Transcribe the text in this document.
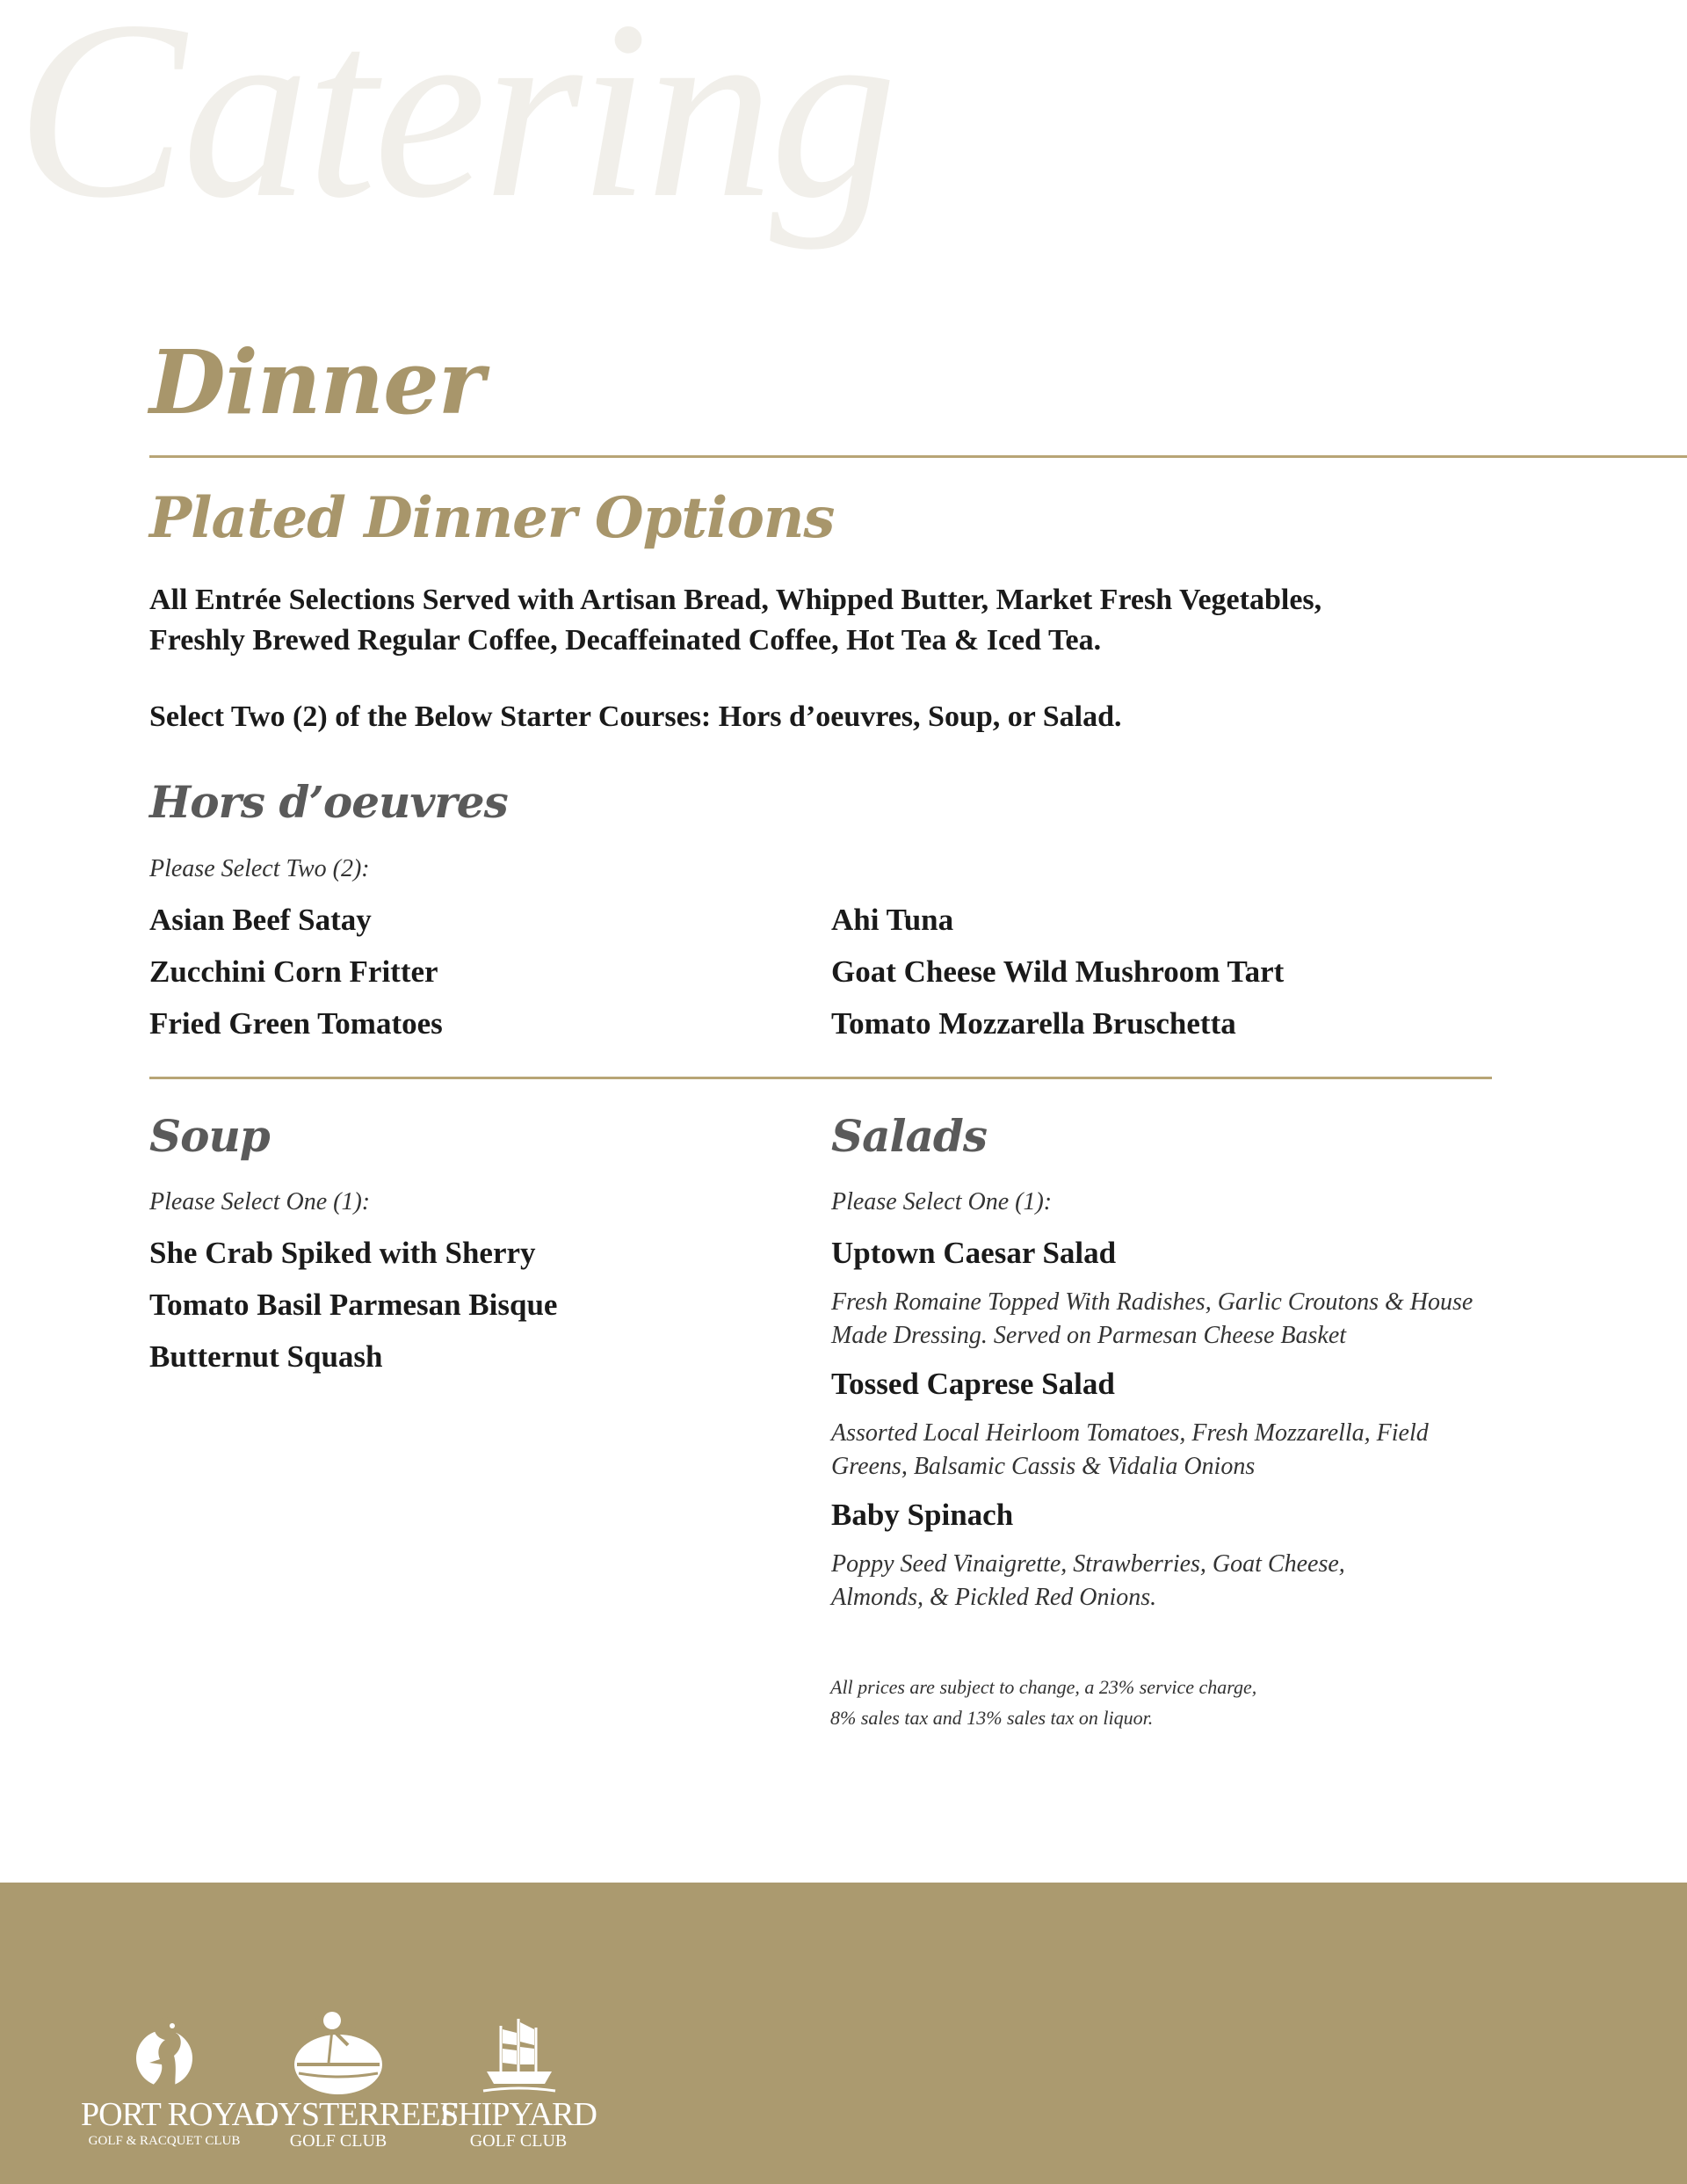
Catering
Dinner
Plated Dinner Options
All Entrée Selections Served with Artisan Bread, Whipped Butter, Market Fresh Vegetables,
Freshly Brewed Regular Coffee, Decaffeinated Coffee, Hot Tea & Iced Tea.
Select Two (2) of the Below Starter Courses: Hors d’oeuvres, Soup, or Salad.
Hors d’oeuvres
Please Select Two (2):
Asian Beef Satay
Zucchini Corn Fritter
Fried Green Tomatoes
Ahi Tuna
Goat Cheese Wild Mushroom Tart
Tomato Mozzarella Bruschetta
Soup
Please Select One (1):
She Crab Spiked with Sherry
Tomato Basil Parmesan Bisque
Butternut Squash
Salads
Please Select One (1):
Uptown Caesar Salad
Fresh Romaine Topped With Radishes, Garlic Croutons & House
Made Dressing. Served on Parmesan Cheese Basket
Tossed Caprese Salad
Assorted Local Heirloom Tomatoes, Fresh Mozzarella, Field
Greens, Balsamic Cassis & Vidalia Onions
Baby Spinach
Poppy Seed Vinaigrette, Strawberries, Goat Cheese,
Almonds, & Pickled Red Onions.
All prices are subject to change, a 23% service charge,
8% sales tax and 13% sales tax on liquor.
PORT ROYAL
GOLF & RACQUET CLUB
OYSTERREEF
GOLF CLUB
SHIPYARD
GOLF CLUB
